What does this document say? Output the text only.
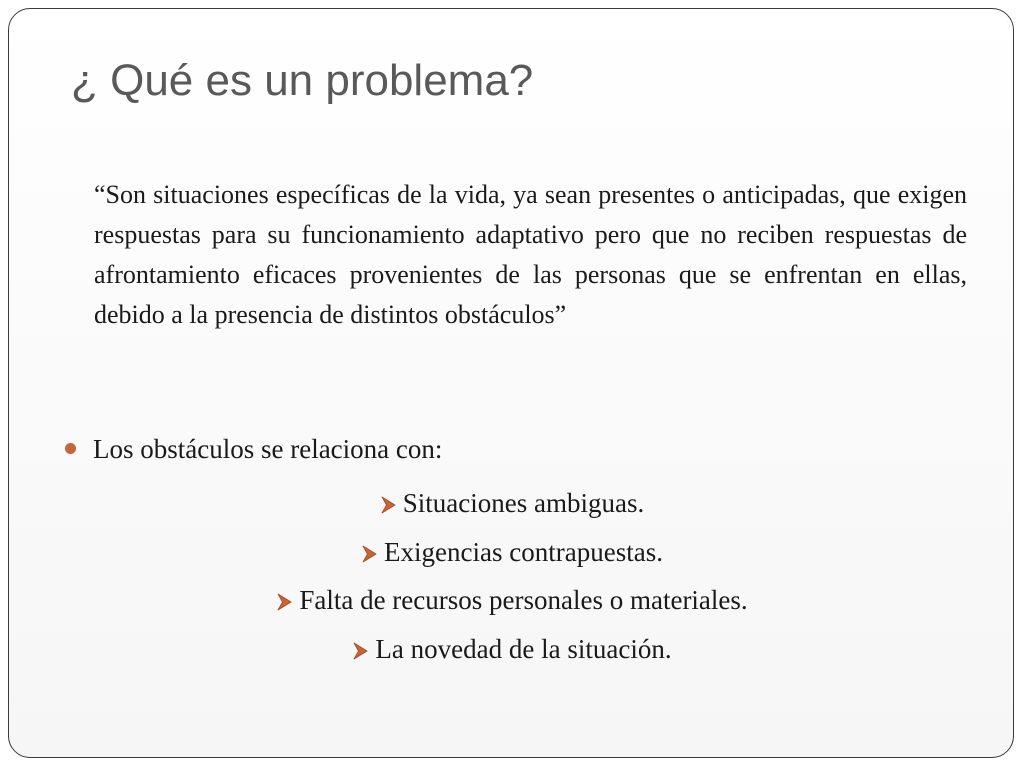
¿ Qué es un problema?

“Son situaciones específicas de la vida, ya sean presentes o anticipadas, que exigen respuestas para su funcionamiento adaptativo pero que no reciben respuestas de afrontamiento eficaces provenientes de las personas que se enfrentan en ellas, debido a la presencia de distintos obstáculos”

Los obstáculos se relaciona con:
Situaciones ambiguas.
Exigencias contrapuestas.
Falta de recursos personales o materiales.
La novedad de la situación.
